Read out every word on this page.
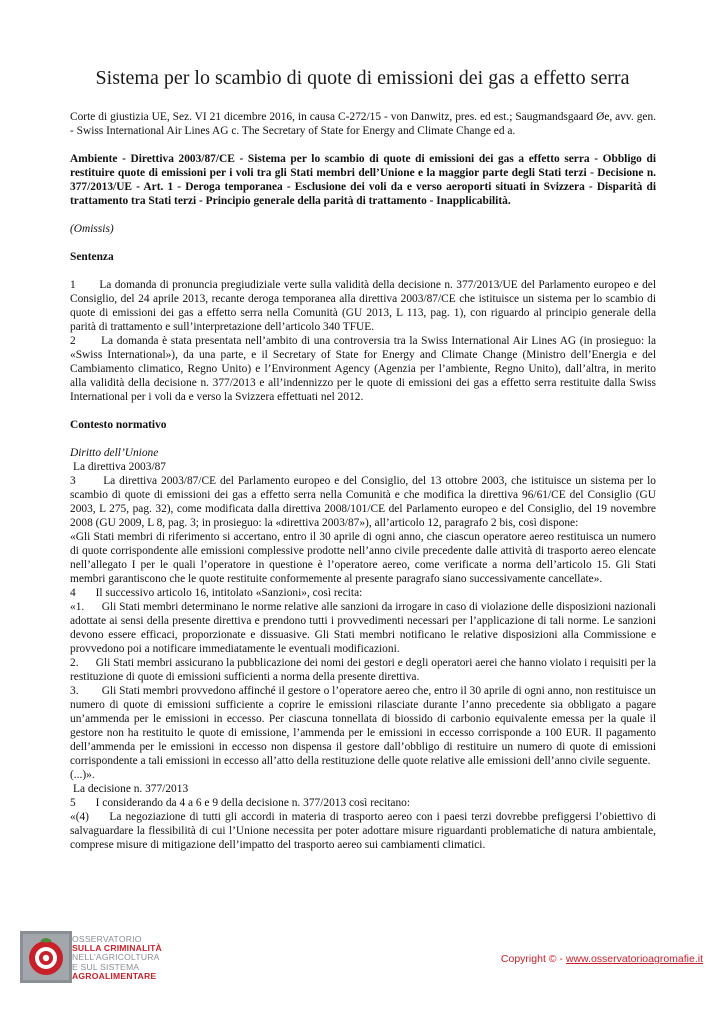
Sistema per lo scambio di quote di emissioni dei gas a effetto serra

Corte di giustizia UE, Sez. VI 21 dicembre 2016, in causa C-272/15 - von Danwitz, pres. ed est.; Saugmandsgaard Øe, avv. gen. - Swiss International Air Lines AG c. The Secretary of State for Energy and Climate Change ed a.

Ambiente - Direttiva 2003/87/CE - Sistema per lo scambio di quote di emissioni dei gas a effetto serra - Obbligo di restituire quote di emissioni per i voli tra gli Stati membri dell’Unione e la maggior parte degli Stati terzi - Decisione n. 377/2013/UE - Art. 1 - Deroga temporanea - Esclusione dei voli da e verso aeroporti situati in Svizzera - Disparità di trattamento tra Stati terzi - Principio generale della parità di trattamento - Inapplicabilità.

(Omissis)

Sentenza

1       La domanda di pronuncia pregiudiziale verte sulla validità della decisione n. 377/2013/UE del Parlamento europeo e del Consiglio, del 24 aprile 2013, recante deroga temporanea alla direttiva 2003/87/CE che istituisce un sistema per lo scambio di quote di emissioni dei gas a effetto serra nella Comunità (GU 2013, L 113, pag. 1), con riguardo al principio generale della parità di trattamento e sull’interpretazione dell’articolo 340 TFUE.

2       La domanda è stata presentata nell’ambito di una controversia tra la Swiss International Air Lines AG (in prosieguo: la «Swiss International»), da una parte, e il Secretary of State for Energy and Climate Change (Ministro dell’Energia e del Cambiamento climatico, Regno Unito) e l’Environment Agency (Agenzia per l’ambiente, Regno Unito), dall’altra, in merito alla validità della decisione n. 377/2013 e all’indennizzo per le quote di emissioni dei gas a effetto serra restituite dalla Swiss International per i voli da e verso la Svizzera effettuati nel 2012.

Contesto normativo

Diritto dell’Unione

La direttiva 2003/87

3       La direttiva 2003/87/CE del Parlamento europeo e del Consiglio, del 13 ottobre 2003, che istituisce un sistema per lo scambio di quote di emissioni dei gas a effetto serra nella Comunità e che modifica la direttiva 96/61/CE del Consiglio (GU 2003, L 275, pag. 32), come modificata dalla direttiva 2008/101/CE del Parlamento europeo e del Consiglio, del 19 novembre 2008 (GU 2009, L 8, pag. 3; in prosieguo: la «direttiva 2003/87»), all’articolo 12, paragrafo 2 bis, così dispone:

«Gli Stati membri di riferimento si accertano, entro il 30 aprile di ogni anno, che ciascun operatore aereo restituisca un numero di quote corrispondente alle emissioni complessive prodotte nell’anno civile precedente dalle attività di trasporto aereo elencate nell’allegato I per le quali l’operatore in questione è l’operatore aereo, come verificate a norma dell’articolo 15. Gli Stati membri garantiscono che le quote restituite conformemente al presente paragrafo siano successivamente cancellate».

4       Il successivo articolo 16, intitolato «Sanzioni», così recita:

«1.      Gli Stati membri determinano le norme relative alle sanzioni da irrogare in caso di violazione delle disposizioni nazionali adottate ai sensi della presente direttiva e prendono tutti i provvedimenti necessari per l’applicazione di tali norme. Le sanzioni devono essere efficaci, proporzionate e dissuasive. Gli Stati membri notificano le relative disposizioni alla Commissione e provvedono poi a notificare immediatamente le eventuali modificazioni.

2.      Gli Stati membri assicurano la pubblicazione dei nomi dei gestori e degli operatori aerei che hanno violato i requisiti per la restituzione di quote di emissioni sufficienti a norma della presente direttiva.

3.        Gli Stati membri provvedono affinché il gestore o l’operatore aereo che, entro il 30 aprile di ogni anno, non restituisce un numero di quote di emissioni sufficiente a coprire le emissioni rilasciate durante l’anno precedente sia obbligato a pagare un’ammenda per le emissioni in eccesso. Per ciascuna tonnellata di biossido di carbonio equivalente emessa per la quale il gestore non ha restituito le quote di emissione, l’ammenda per le emissioni in eccesso corrisponde a 100 EUR. Il pagamento dell’ammenda per le emissioni in eccesso non dispensa il gestore dall’obbligo di restituire un numero di quote di emissioni corrispondente a tali emissioni in eccesso all’atto della restituzione delle quote relative alle emissioni dell’anno civile seguente.

(...)».

La decisione n. 377/2013

5       I considerando da 4 a 6 e 9 della decisione n. 377/2013 così recitano:

«(4)     La negoziazione di tutti gli accordi in materia di trasporto aereo con i paesi terzi dovrebbe prefiggersi l’obiettivo di salvaguardare la flessibilità di cui l’Unione necessita per poter adottare misure riguardanti problematiche di natura ambientale, comprese misure di mitigazione dell’impatto del trasporto aereo sui cambiamenti climatici.

OSSERVATORIO
SULLA CRIMINALITÀ
NELL’AGRICOLTURA
E SUL SISTEMA
AGROALIMENTARE
Copyright © - www.osservatorioagromafie.it
